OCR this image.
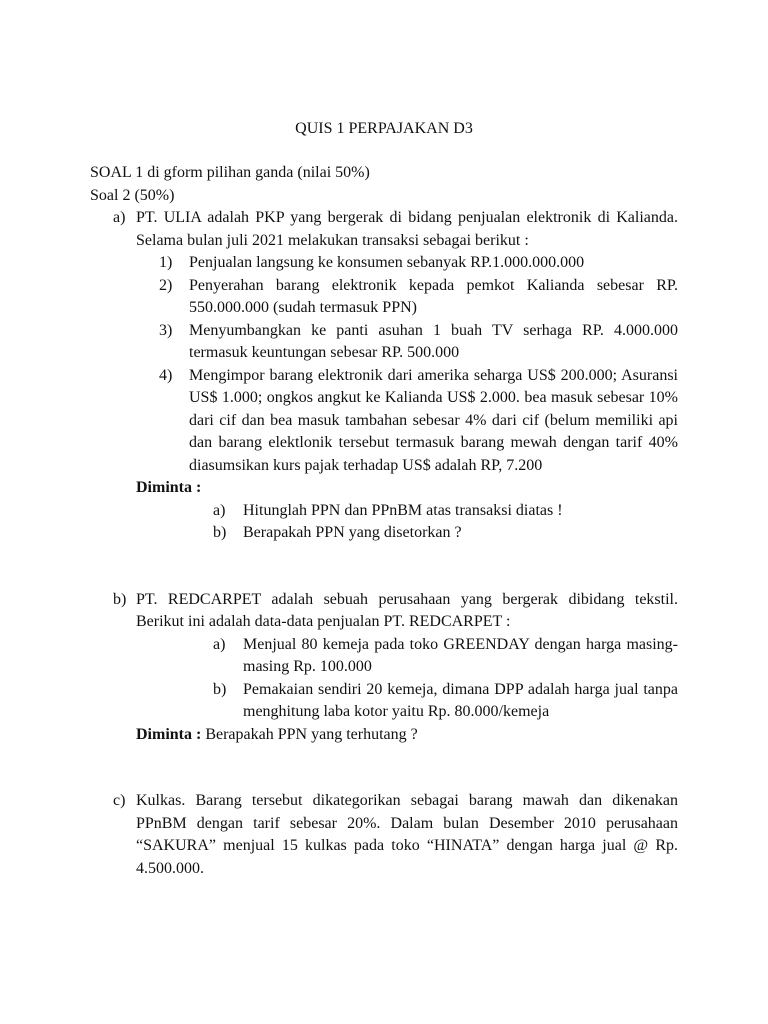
QUIS 1 PERPAJAKAN D3
SOAL 1 di gform pilihan ganda (nilai 50%)
Soal 2 (50%)
a) PT. ULIA adalah PKP yang bergerak di bidang penjualan elektronik di Kalianda. Selama bulan juli 2021 melakukan transaksi sebagai berikut :
1) Penjualan langsung ke konsumen sebanyak RP.1.000.000.000
2) Penyerahan barang elektronik kepada pemkot Kalianda sebesar RP. 550.000.000 (sudah termasuk PPN)
3) Menyumbangkan ke panti asuhan 1 buah TV serhaga RP. 4.000.000 termasuk keuntungan sebesar RP. 500.000
4) Mengimpor barang elektronik dari amerika seharga US$ 200.000; Asuransi US$ 1.000; ongkos angkut ke Kalianda US$ 2.000. bea masuk sebesar 10% dari cif dan bea masuk tambahan sebesar 4% dari cif (belum memiliki api dan barang elektlonik tersebut termasuk barang mewah dengan tarif 40% diasumsikan kurs pajak terhadap US$ adalah RP, 7.200
Diminta :
a) Hitunglah PPN dan PPnBM atas transaksi diatas !
b) Berapakah PPN yang disetorkan ?
b) PT. REDCARPET adalah sebuah perusahaan yang bergerak dibidang tekstil. Berikut ini adalah data-data penjualan PT. REDCARPET :
a) Menjual 80 kemeja pada toko GREENDAY dengan harga masing-masing Rp. 100.000
b) Pemakaian sendiri 20 kemeja, dimana DPP adalah harga jual tanpa menghitung laba kotor yaitu Rp. 80.000/kemeja
Diminta : Berapakah PPN yang terhutang ?
c) Kulkas. Barang tersebut dikategorikan sebagai barang mawah dan dikenakan PPnBM dengan tarif sebesar 20%. Dalam bulan Desember 2010 perusahaan “SAKURA” menjual 15 kulkas pada toko “HINATA” dengan harga jual @ Rp. 4.500.000.
